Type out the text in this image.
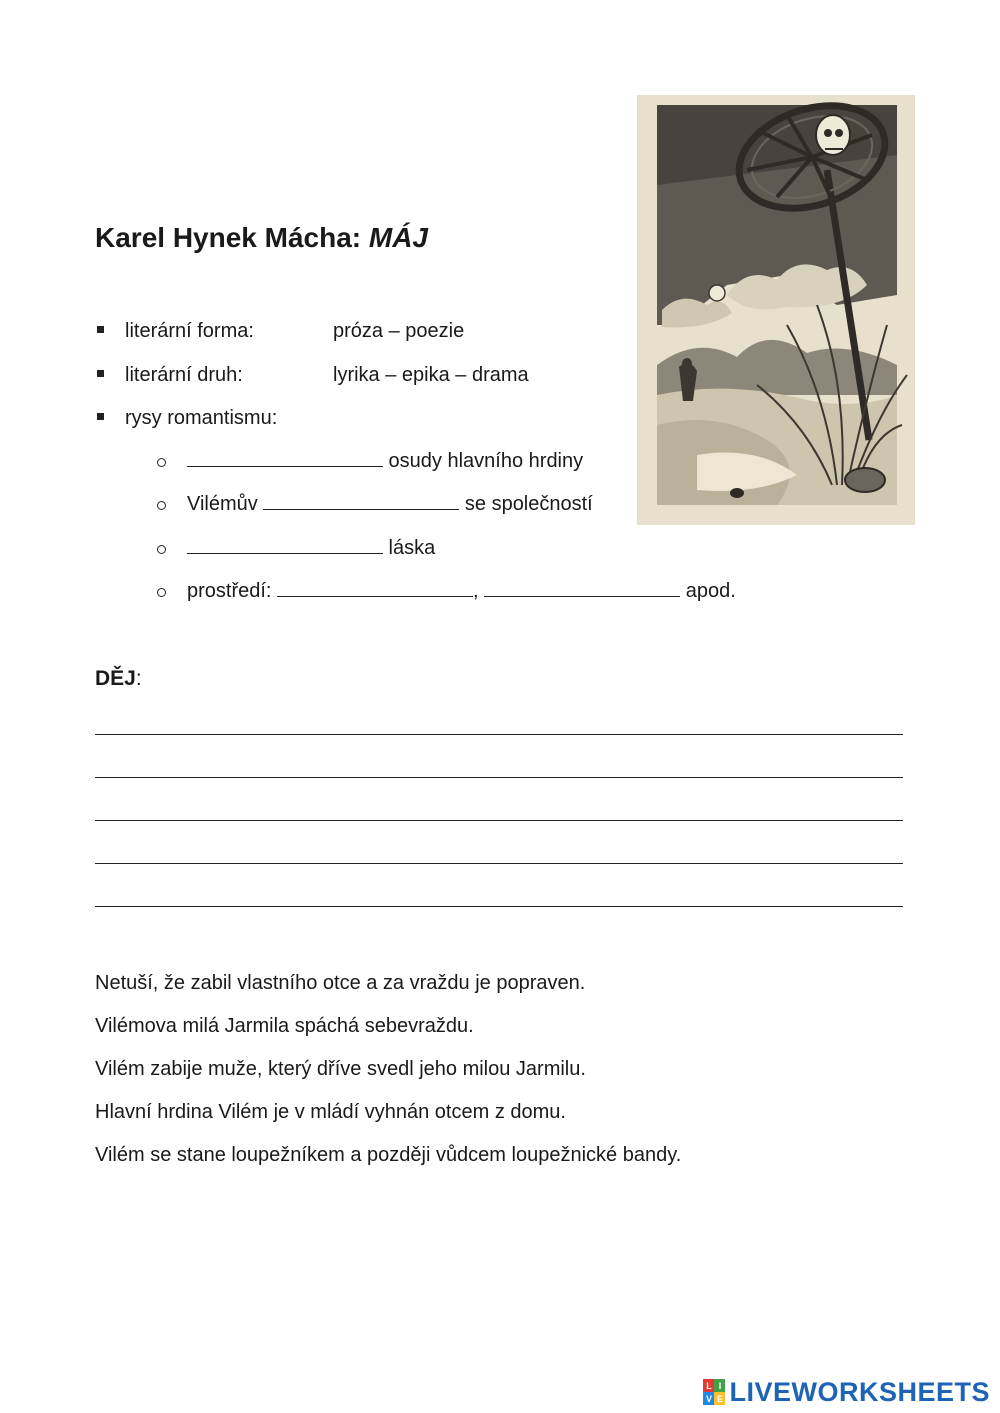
Karel Hynek Mácha: MÁJ
literární forma:	próza – poezie
literární druh:	lyrika – epika – drama
rysy romantismu:
osudy hlavního hrdiny
Vilémův	se společností
láska
prostředí:	,	apod.
DĚJ:
Netuší, že zabil vlastního otce a za vraždu je popraven.
Vilémova milá Jarmila spáchá sebevraždu.
Vilém zabije muže, který dříve svedl jeho milou Jarmilu.
Hlavní hrdina Vilém je v mládí vyhnán otcem z domu.
Vilém se stane loupežníkem a později vůdcem loupežnické bandy.
L I
V E LIVEWORKSHEETS
